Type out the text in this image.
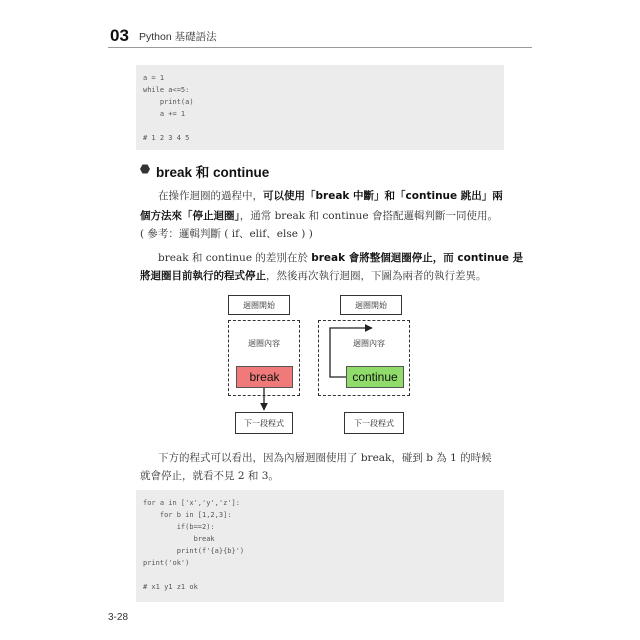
03 Python 基礎語法
a = 1
while a<=5:
print(a)
a += 1
# 1 2 3 4 5
break 和 continue
在操作迴圈的過程中，可以使用「break 中斷」和「continue 跳出」兩
個方法來「停止迴圈」，通常 break 和 continue 會搭配邏輯判斷一同使用。
( 參考：邏輯判斷 ( if、elif、else ) )
break 和 continue 的差別在於 break 會將整個迴圈停止，而 continue 是
將迴圈目前執行的程式停止，然後再次執行迴圈，下圖為兩者的執行差異。
迴圈開始
迴圈內容
break
下一段程式
迴圈開始
迴圈內容
continue
下一段程式
下方的程式可以看出，因為內層迴圈使用了 break，碰到 b 為 1 的時候
就會停止，就看不見 2 和 3。
for a in ['x','y','z']:
for b in [1,2,3]:
if(b==2):
break
print(f'{a}{b}')
print('ok')
# x1 y1 z1 ok
3-28
